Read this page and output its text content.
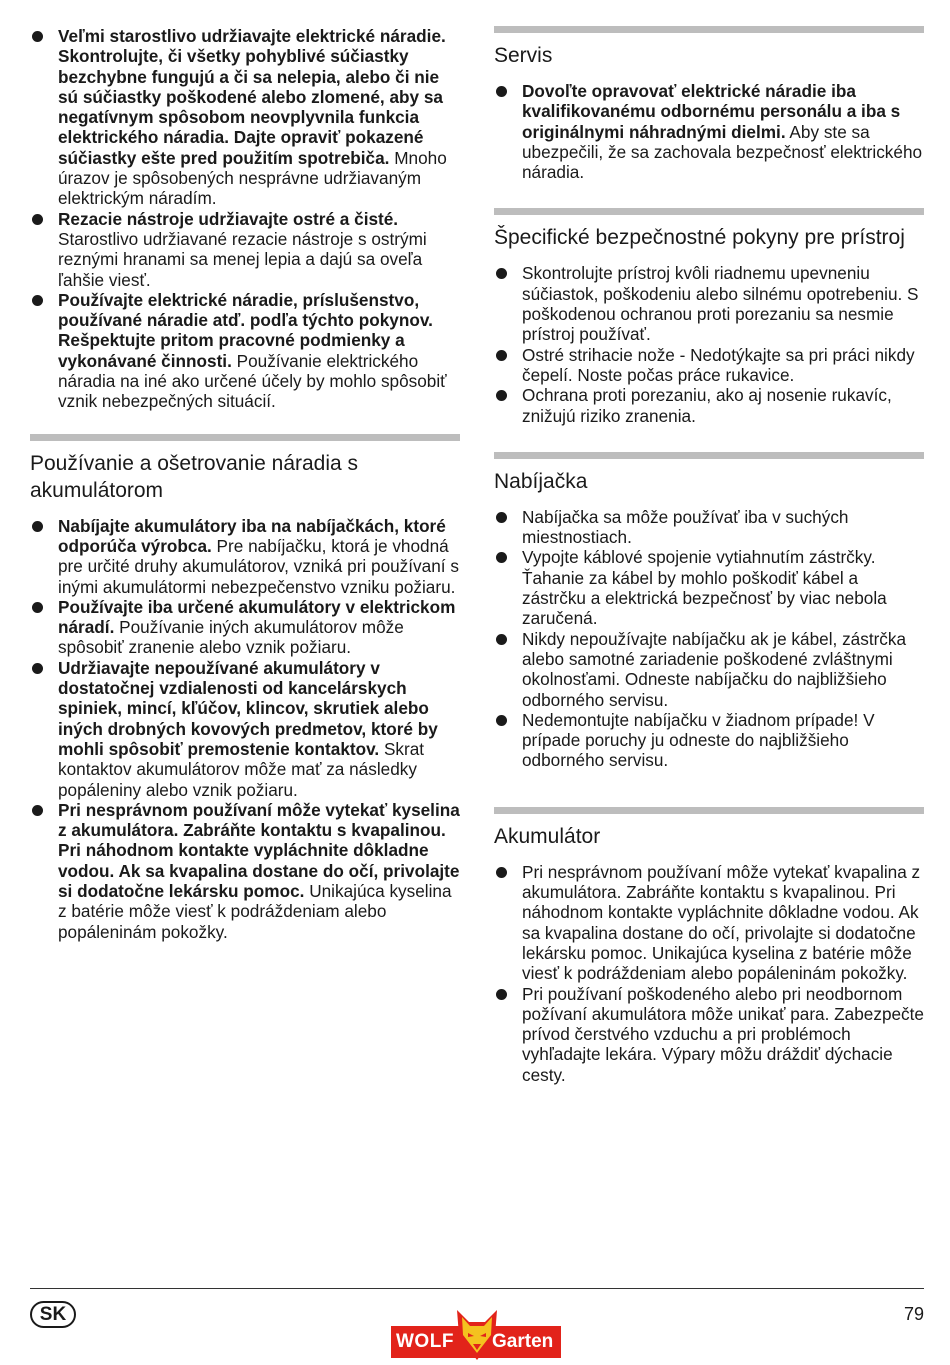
Veľmi starostlivo udržiavajte elektrické náradie. Skontrolujte, či všetky pohyblivé súčiastky bezchybne fungujú a či sa nelepia, alebo či nie sú súčiastky poškodené alebo zlomené, aby sa negatívnym spôsobom neovplyvnila funkcia elektrického náradia. Dajte opraviť pokazené súčiastky ešte pred použitím spotrebiča. Mnoho úrazov je spôsobených nesprávne udržiavaným elektrickým náradím.
Rezacie nástroje udržiavajte ostré a čisté. Starostlivo udržiavané rezacie nástroje s ostrými reznými hranami sa menej lepia a dajú sa oveľa ľahšie viesť.
Používajte elektrické náradie, príslušenstvo, používané náradie atď. podľa týchto pokynov. Rešpektujte pritom pracovné podmienky a vykonávané činnosti. Používanie elektrického náradia na iné ako určené účely by mohlo spôsobiť vznik nebezpečných situácií.
Používanie a ošetrovanie náradia s akumulátorom
Nabíjajte akumulátory iba na nabíjačkách, ktoré odporúča výrobca. Pre nabíjačku, ktorá je vhodná pre určité druhy akumulátorov, vzniká pri používaní s inými akumulátormi nebezpečenstvo vzniku požiaru.
Používajte iba určené akumulátory v elektrickom náradí. Používanie iných akumulátorov môže spôsobiť zranenie alebo vznik požiaru.
Udržiavajte nepoužívané akumulátory v dostatočnej vzdialenosti od kancelárskych spiniek, mincí, kľúčov, klincov, skrutiek alebo iných drobných kovových predmetov, ktoré by mohli spôsobiť premostenie kontaktov. Skrat kontaktov akumulátorov môže mať za následky popáleniny alebo vznik požiaru.
Pri nesprávnom používaní môže vytekať kyselina z akumulátora. Zabráňte kontaktu s kvapalinou. Pri náhodnom kontakte vypláchnite dôkladne vodou. Ak sa kvapalina dostane do očí, privolajte si dodatočne lekársku pomoc. Unikajúca kyselina z batérie môže viesť k podráždeniam alebo popáleninám pokožky.
Servis
Dovoľte opravovať elektrické náradie iba kvalifikovanému odbornému personálu a iba s originálnymi náhradnými dielmi. Aby ste sa ubezpečili, že sa zachovala bezpečnosť elektrického náradia.
Špecifické bezpečnostné pokyny pre prístroj
Skontrolujte prístroj kvôli riadnemu upevneniu súčiastok, poškodeniu alebo silnému opotrebeniu. S poškodenou ochranou proti porezaniu sa nesmie prístroj používať.
Ostré strihacie nože - Nedotýkajte sa pri práci nikdy čepelí. Noste počas práce rukavice.
Ochrana proti porezaniu, ako aj nosenie rukavíc, znižujú riziko zranenia.
Nabíjačka
Nabíjačka sa môže používať iba v suchých miestnostiach.
Vypojte káblové spojenie vytiahnutím zástrčky. Ťahanie za kábel by mohlo poškodiť kábel a zástrčku a elektrická bezpečnosť by viac nebola zaručená.
Nikdy nepoužívajte nabíjačku ak je kábel, zástrčka alebo samotné zariadenie poškodené zvláštnymi okolnosťami. Odneste nabíjačku do najbližšieho odborného servisu.
Nedemontujte nabíjačku v žiadnom prípade! V prípade poruchy ju odneste do najbližšieho odborného servisu.
Akumulátor
Pri nesprávnom používaní môže vytekať kvapalina z akumulátora. Zabráňte kontaktu s kvapalinou. Pri náhodnom kontakte vypláchnite dôkladne vodou. Ak sa kvapalina dostane do očí, privolajte si dodatočne lekársku pomoc. Unikajúca kyselina z batérie môže viesť k podráždeniam alebo popáleninám pokožky.
Pri používaní poškodeného alebo pri neodbornom požívaní akumulátora môže unikať para. Zabezpečte prívod čerstvého vzduchu a pri problémoch vyhľadajte lekára. Výpary môžu dráždiť dýchacie cesty.
SK	79
WOLF Garten
